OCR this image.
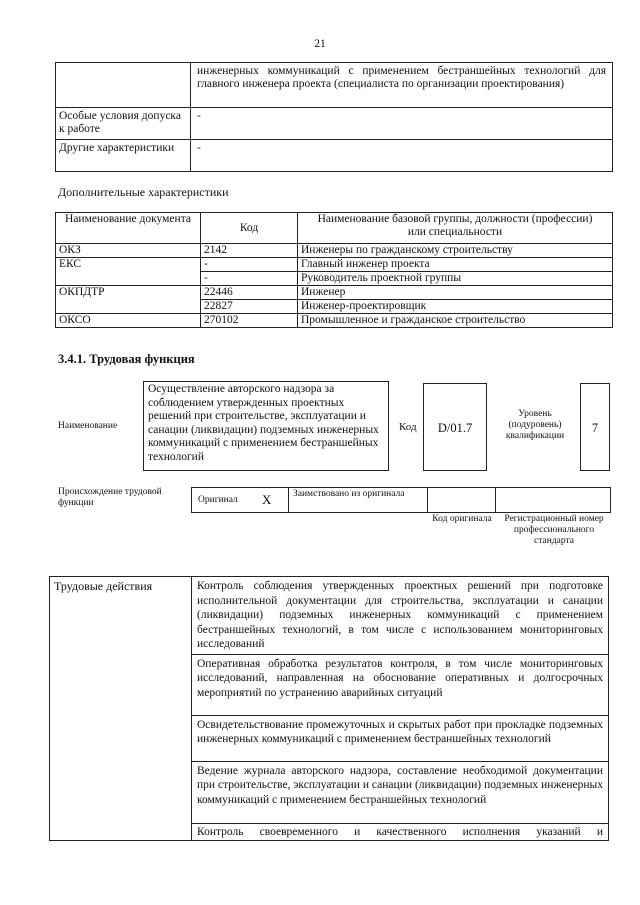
21
	инженерных коммуникаций с применением бестраншейных технологий для главного инженера проекта (специалиста по организации проектирования)
Особые условия допуска к работе	-
Другие характеристики	-
Дополнительные характеристики
Наименование документа	Код	Наименование базовой группы, должности (профессии) или специальности
ОКЗ	2142	Инженеры по гражданскому строительству
ЕКС	-	Главный инженер проекта
	-	Руководитель проектной группы
ОКПДТР	22446	Инженер
	22827	Инженер-проектировщик
ОКСО	270102	Промышленное и гражданское строительство
3.4.1. Трудовая функция
Наименование
Осуществление авторского надзора за соблюдением утвержденных проектных решений при строительстве, эксплуатации и санации (ликвидации) подземных инженерных коммуникаций с применением бестраншейных технологий
Код	D/01.7
Уровень (подуровень) квалификации
7
Происхождение трудовой функции	Оригинал X	Заимствовано из оригинала
Код оригинала	Регистрационный номер профессионального стандарта
Трудовые действия	Контроль соблюдения утвержденных проектных решений при подготовке исполнительной документации для строительства, эксплуатации и санации (ликвидации) подземных инженерных коммуникаций с применением бестраншейных технологий, в том числе с использованием мониторинговых исследований
Оперативная обработка результатов контроля, в том числе мониторинговых исследований, направленная на обоснование оперативных и долгосрочных мероприятий по устранению аварийных ситуаций
Освидетельствование промежуточных и скрытых работ при прокладке подземных инженерных коммуникаций с применением бестраншейных технологий
Ведение журнала авторского надзора, составление необходимой документации при строительстве, эксплуатации и санации (ликвидации) подземных инженерных коммуникаций с применением бестраншейных технологий
Контроль своевременного и качественного исполнения указаний и
